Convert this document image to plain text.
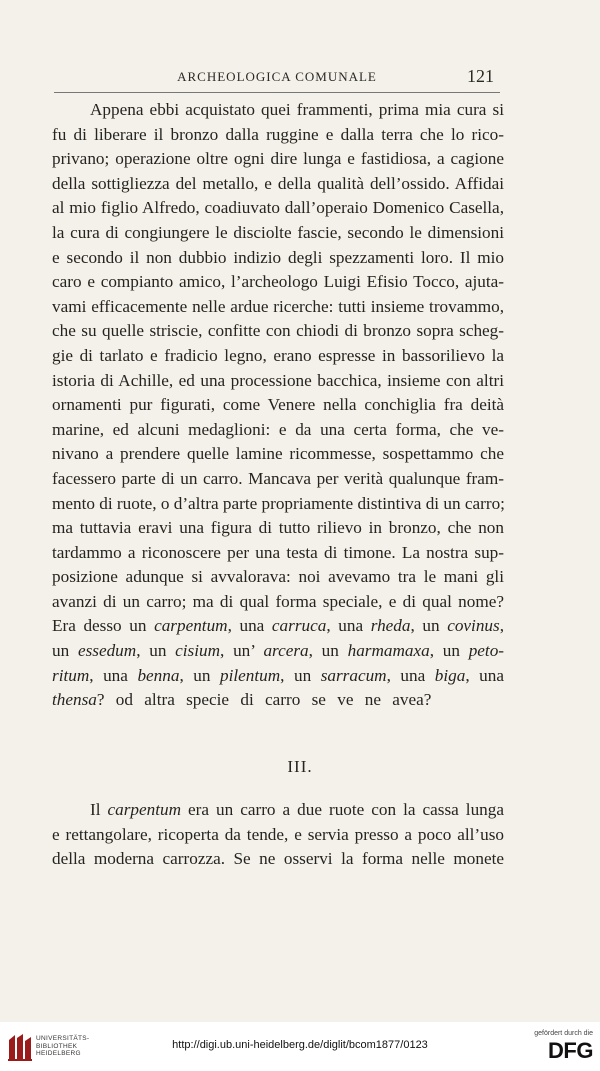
ARCHEOLOGICA COMUNALE	121
Appena ebbi acquistato quei frammenti, prima mia cura si
fu di liberare il bronzo dalla ruggine e dalla terra che lo rico-
privano; operazione oltre ogni dire lunga e fastidiosa, a cagione
della sottigliezza del metallo, e della qualità dell’ossido. Affidai
al mio figlio Alfredo, coadiuvato dall’operaio Domenico Casella,
la cura di congiungere le disciolte fascie, secondo le dimensioni
e secondo il non dubbio indizio degli spezzamenti loro. Il mio
caro e compianto amico, l’archeologo Luigi Efisio Tocco, ajuta-
vami efficacemente nelle ardue ricerche: tutti insieme trovammo,
che su quelle striscie, confitte con chiodi di bronzo sopra scheg-
gie di tarlato e fradicio legno, erano espresse in bassorilievo la
istoria di Achille, ed una processione bacchica, insieme con altri
ornamenti pur figurati, come Venere nella conchiglia fra deità
marine, ed alcuni medaglioni: e da una certa forma, che ve-
nivano a prendere quelle lamine ricommesse, sospettammo che
facessero parte di un carro. Mancava per verità qualunque fram-
mento di ruote, o d’altra parte propriamente distintiva di un carro;
ma tuttavia eravi una figura di tutto rilievo in bronzo, che non
tardammo a riconoscere per una testa di timone. La nostra sup-
posizione adunque si avvalorava: noi avevamo tra le mani gli
avanzi di un carro; ma di qual forma speciale, e di qual nome?
Era desso un carpentum, una carruca, una rheda, un covinus,
un essedum, un cisium, un’ arcera, un harmamaxa, un peto-
ritum, una benna, un pilentum, un sarracum, una biga, una
thensa? od altra specie di carro se ve ne avea?
III.
Il carpentum era un carro a due ruote con la cassa lunga
e rettangolare, ricoperta da tende, e servia presso a poco all’uso
della moderna carrozza. Se ne osservi la forma nelle monete
UNIVERSITÄTS-
BIBLIOTHEK
HEIDELBERG
http://digi.ub.uni-heidelberg.de/diglit/bcom1877/0123
gefördert durch die
DFG
